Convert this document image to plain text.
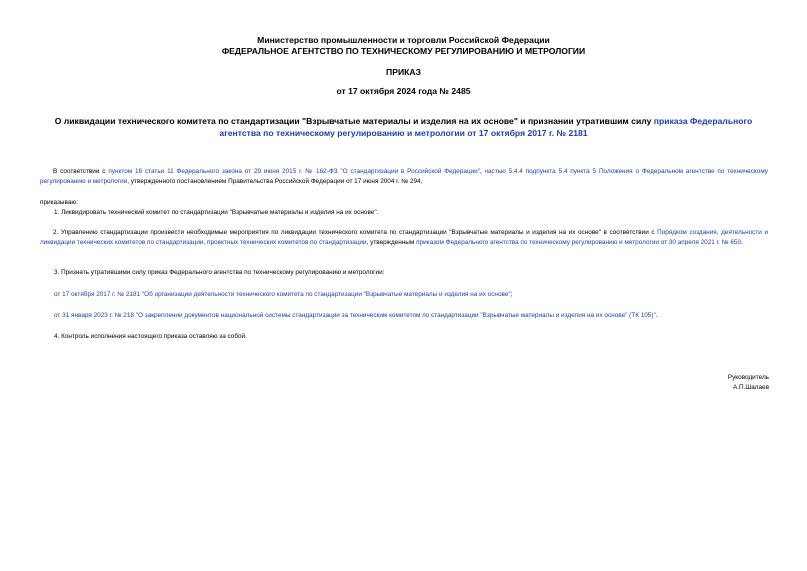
Министерство промышленности и торговли Российской Федерации
ФЕДЕРАЛЬНОЕ АГЕНТСТВО ПО ТЕХНИЧЕСКОМУ РЕГУЛИРОВАНИЮ И МЕТРОЛОГИИ
ПРИКАЗ
от 17 октября 2024 года № 2485
О ликвидации технического комитета по стандартизации "Взрывчатые материалы и изделия на их основе" и признании утратившим силу приказа Федерального агентства по техническому регулированию и метрологии от 17 октября 2017 г. № 2181
В соответствии с пунктом 16 статьи 11 Федерального закона от 29 июня 2015 г. № 162-ФЗ "О стандартизации в Российской Федерации", частью 5.4.4 подпункта 5.4 пункта 5 Положения о Федеральном агентстве по техническому регулированию и метрологии, утвержденного постановлением Правительства Российской Федерации от 17 июня 2004 г. № 294,
приказываю:
1. Ликвидировать технический комитет по стандартизации "Взрывчатые материалы и изделия на их основе".
2. Управлению стандартизации произвести необходимые мероприятия по ликвидации технического комитета по стандартизации "Взрывчатые материалы и изделия на их основе" в соответствии с Порядком создания, деятельности и ликвидации технических комитетов по стандартизации, проектных технических комитетов по стандартизации, утвержденным приказом Федерального агентства по техническому регулированию и метрологии от 30 апреля 2021 г. № 650.
3. Признать утратившими силу приказ Федерального агентства по техническому регулированию и метрологии:
от 17 октября 2017 г. № 2181 "Об организации деятельности технического комитета по стандартизации "Взрывчатые материалы и изделия на их основе";
от 31 января 2023 г. № 218 "О закреплении документов национальной системы стандартизации за техническим комитетом по стандартизации "Взрывчатые материалы и изделия на их основе" (ТК 105)".
4. Контроль исполнения настоящего приказа оставляю за собой.
Руководитель
А.П.Шалаев
